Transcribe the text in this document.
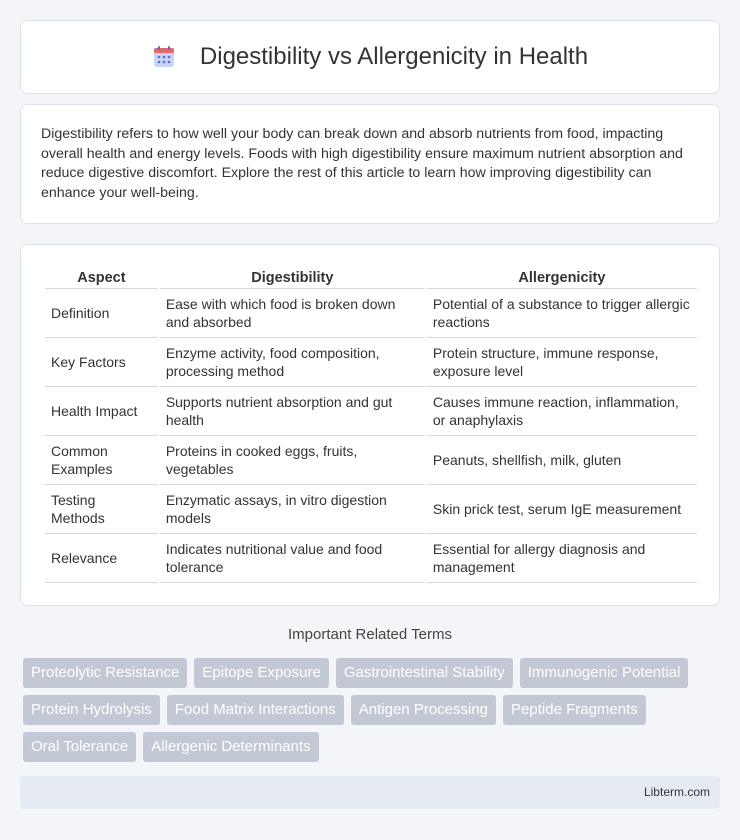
Digestibility vs Allergenicity in Health

Digestibility refers to how well your body can break down and absorb nutrients from food, impacting overall health and energy levels. Foods with high digestibility ensure maximum nutrient absorption and reduce digestive discomfort. Explore the rest of this article to learn how improving digestibility can enhance your well-being.

Aspect	Digestibility	Allergenicity
Definition	Ease with which food is broken down and absorbed	Potential of a substance to trigger allergic reactions
Key Factors	Enzyme activity, food composition, processing method	Protein structure, immune response, exposure level
Health Impact	Supports nutrient absorption and gut health	Causes immune reaction, inflammation, or anaphylaxis
Common Examples	Proteins in cooked eggs, fruits, vegetables	Peanuts, shellfish, milk, gluten
Testing Methods	Enzymatic assays, in vitro digestion models	Skin prick test, serum IgE measurement
Relevance	Indicates nutritional value and food tolerance	Essential for allergy diagnosis and management
Important Related Terms
Proteolytic Resistance	Epitope Exposure	Gastrointestinal Stability	Immunogenic Potential
Protein Hydrolysis	Food Matrix Interactions	Antigen Processing	Peptide Fragments
Oral Tolerance	Allergenic Determinants
Libterm.com
